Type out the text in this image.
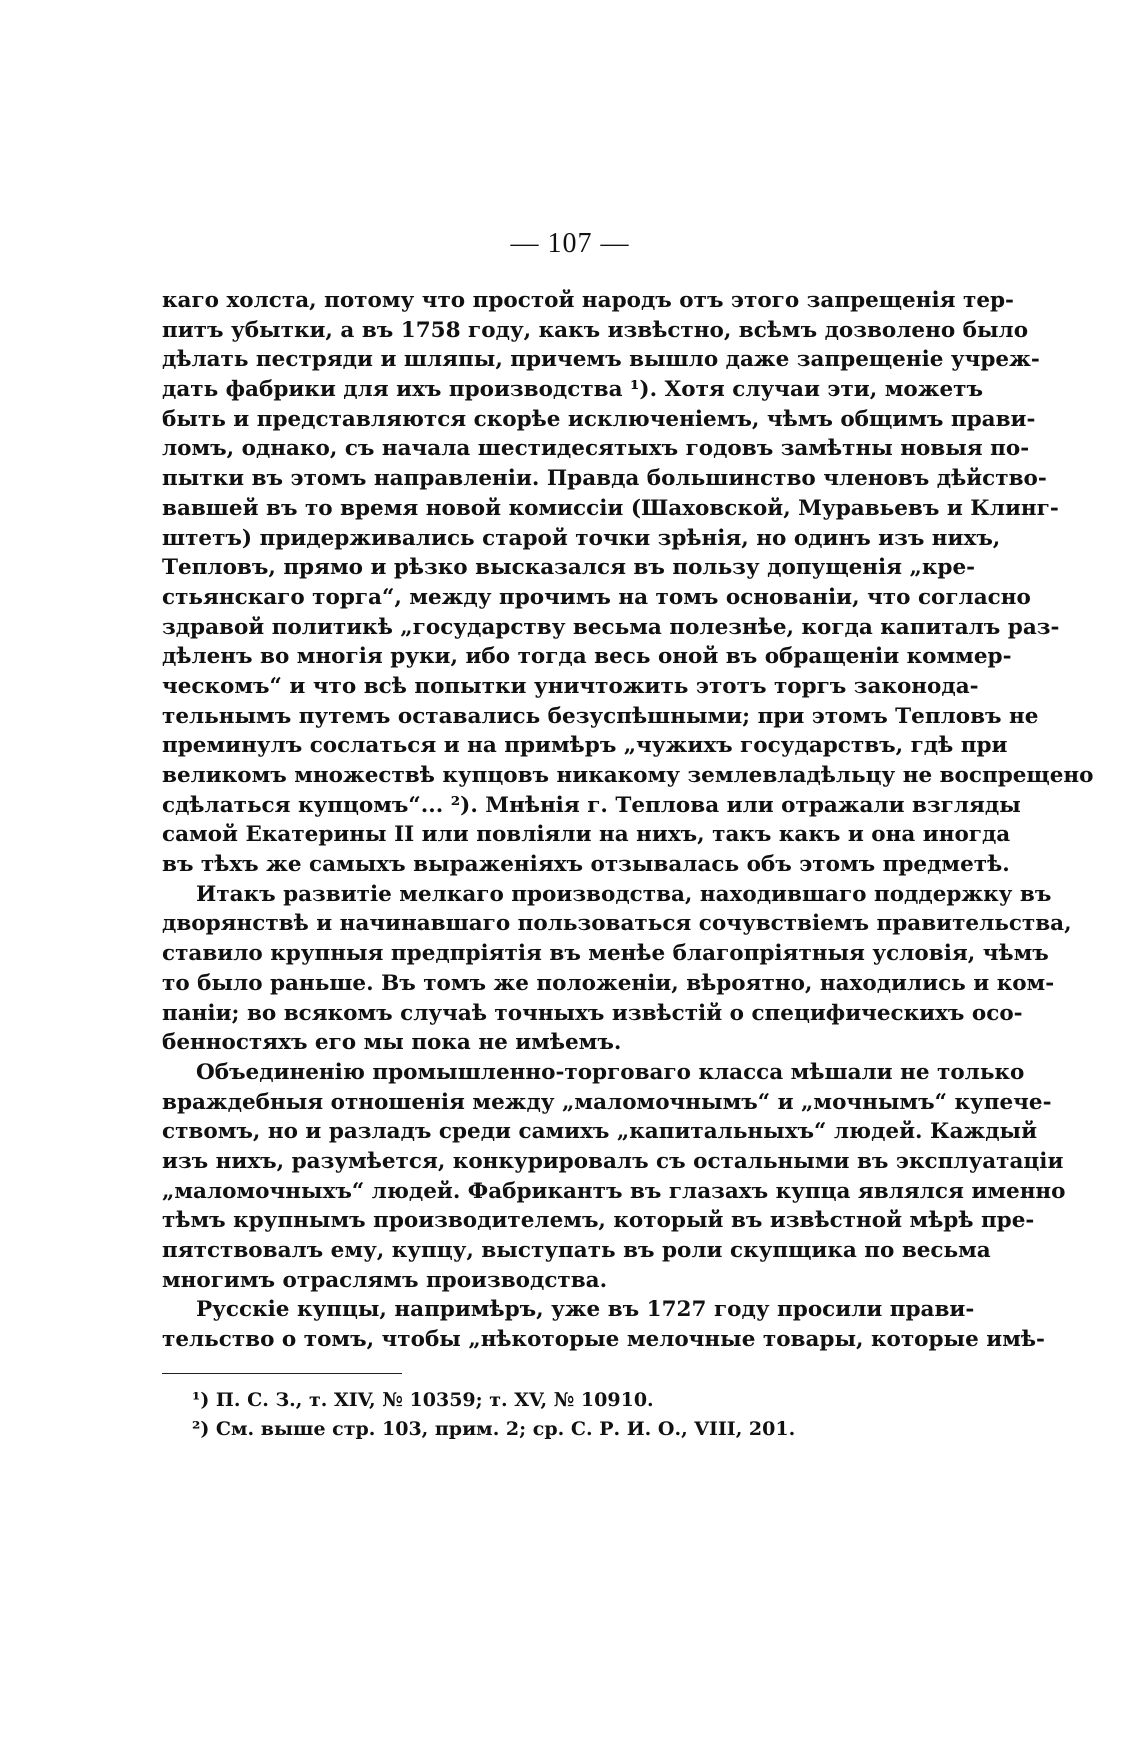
— 107 —
каго холста, потому что простой народъ отъ этого запрещенія тер-
питъ убытки, а въ 1758 году, какъ извѣстно, всѣмъ дозволено было
дѣлать пестряди и шляпы, причемъ вышло даже запрещеніе учреж-
дать фабрики для ихъ производства ¹). Хотя случаи эти, можетъ
быть и представляются скорѣе исключеніемъ, чѣмъ общимъ прави-
ломъ, однако, съ начала шестидесятыхъ годовъ замѣтны новыя по-
пытки въ этомъ направленіи. Правда большинство членовъ дѣйство-
вавшей въ то время новой комиссіи (Шаховской, Муравьевъ и Клинг-
штетъ) придерживались старой точки зрѣнія, но одинъ изъ нихъ,
Тепловъ, прямо и рѣзко высказался въ пользу допущенія „кре-
стьянскаго торга“, между прочимъ на томъ основаніи, что согласно
здравой политикѣ „государству весьма полезнѣе, когда капиталъ раз-
дѣленъ во многія руки, ибо тогда весь оной въ обращеніи коммер-
ческомъ“ и что всѣ попытки уничтожить этотъ торгъ законода-
тельнымъ путемъ оставались безуспѣшными; при этомъ Тепловъ не
преминулъ сослаться и на примѣръ „чужихъ государствъ, гдѣ при
великомъ множествѣ купцовъ никакому землевладѣльцу не воспрещено
сдѣлаться купцомъ“... ²). Мнѣнія г. Теплова или отражали взгляды
самой Екатерины II или повліяли на нихъ, такъ какъ и она иногда
въ тѣхъ же самыхъ выраженіяхъ отзывалась объ этомъ предметѣ.
Итакъ развитіе мелкаго производства, находившаго поддержку въ
дворянствѣ и начинавшаго пользоваться сочувствіемъ правительства,
ставило крупныя предпріятія въ менѣе благопріятныя условія, чѣмъ
то было раньше. Въ томъ же положеніи, вѣроятно, находились и ком-
паніи; во всякомъ случаѣ точныхъ извѣстій о специфическихъ осо-
бенностяхъ его мы пока не имѣемъ.
Объединенію промышленно-торговаго класса мѣшали не только
враждебныя отношенія между „маломочнымъ“ и „мочнымъ“ купече-
ствомъ, но и разладъ среди самихъ „капитальныхъ“ людей. Каждый
изъ нихъ, разумѣется, конкурировалъ съ остальными въ эксплуатаціи
„маломочныхъ“ людей. Фабрикантъ въ глазахъ купца являлся именно
тѣмъ крупнымъ производителемъ, который въ извѣстной мѣрѣ пре-
пятствовалъ ему, купцу, выступать въ роли скупщика по весьма
многимъ отраслямъ производства.
Русскіе купцы, напримѣръ, уже въ 1727 году просили прави-
тельство о томъ, чтобы „нѣкоторые мелочные товары, которые имѣ-
¹) П. С. З., т. XIV, № 10359; т. XV, № 10910.
²) См. выше стр. 103, прим. 2; ср. С. Р. И. О., VIII, 201.
